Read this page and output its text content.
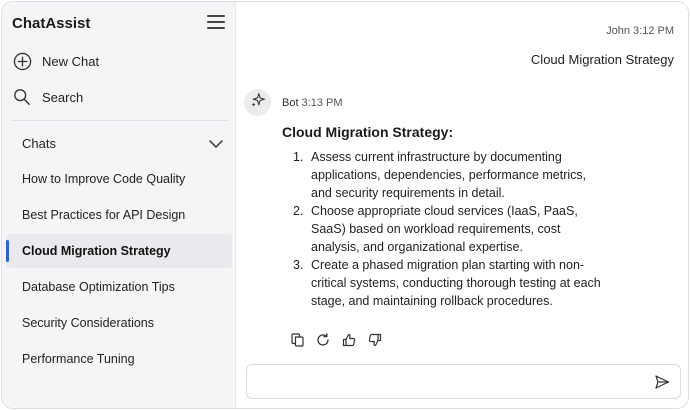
ChatAssist
New Chat
Search
Chats
How to Improve Code Quality
Best Practices for API Design
Cloud Migration Strategy
Database Optimization Tips
Security Considerations
Performance Tuning
John 3:12 PM
Cloud Migration Strategy
Bot 3:13 PM
Cloud Migration Strategy:
1. Assess current infrastructure by documenting applications, dependencies, performance metrics, and security requirements in detail.
2. Choose appropriate cloud services (IaaS, PaaS, SaaS) based on workload requirements, cost analysis, and organizational expertise.
3. Create a phased migration plan starting with non-critical systems, conducting thorough testing at each stage, and maintaining rollback procedures.
